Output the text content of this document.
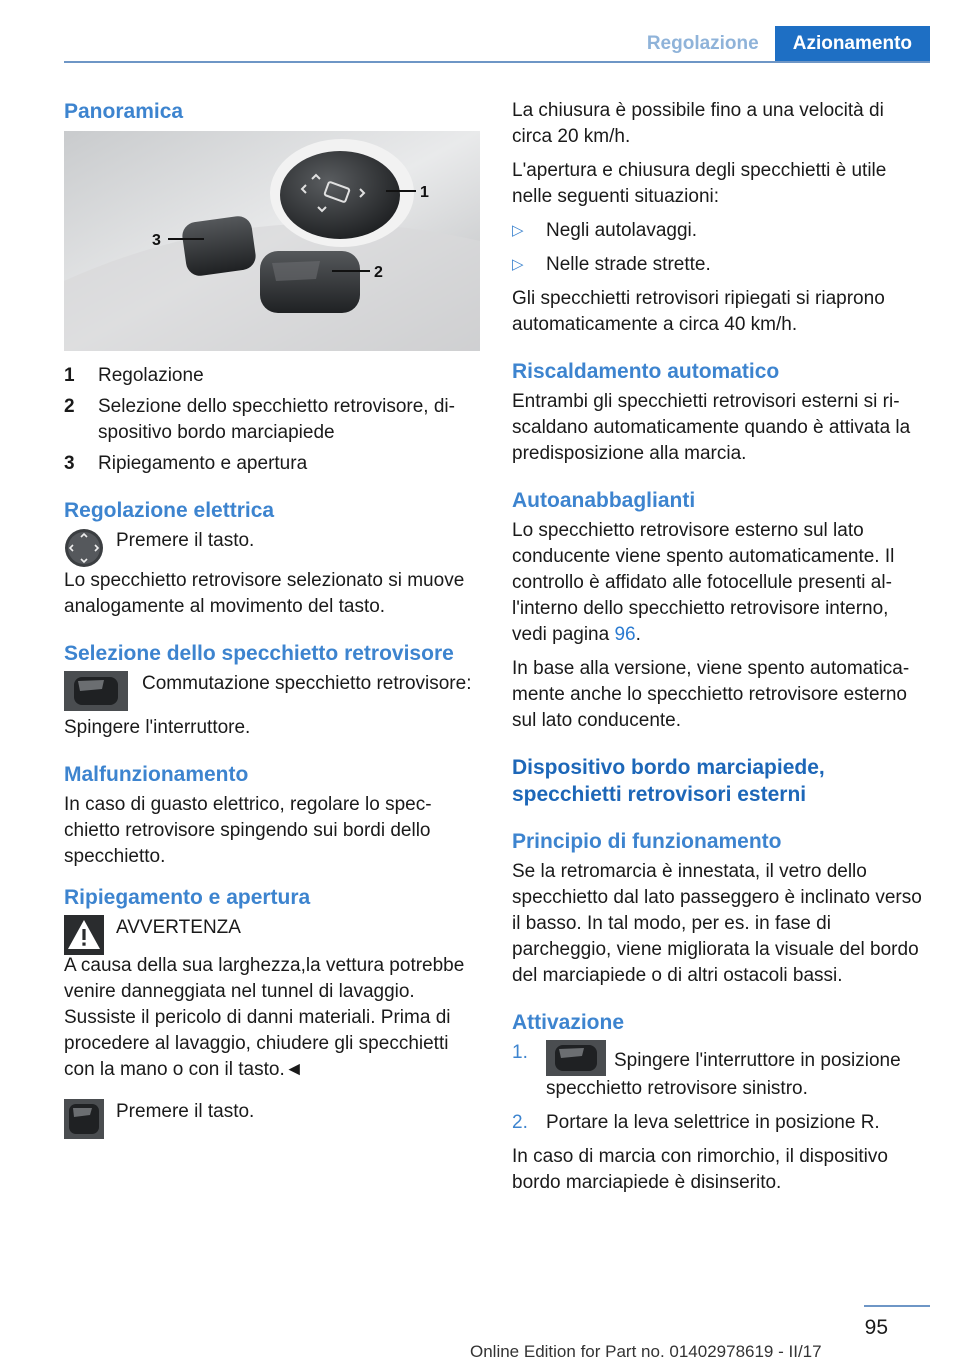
Regolazione	Azionamento
Panoramica
1
2
3
1	Regolazione
2	Selezione dello specchietto retrovisore, dispositivo bordo marciapiede
3	Ripiegamento e apertura
Regolazione elettrica

Premere il tasto.

Lo specchietto retrovisore selezionato si muove analogamente al movimento del tasto.

Selezione dello specchietto retrovisore

Commutazione specchietto retrovisore:

Spingere l'interruttore.

Malfunzionamento

In caso di guasto elettrico, regolare lo specchietto retrovisore spingendo sui bordi dello specchietto.

Ripiegamento e apertura

AVVERTENZA

A causa della sua larghezza,la vettura potrebbe venire danneggiata nel tunnel di lavaggio. Sussiste il pericolo di danni materiali. Prima di procedere al lavaggio, chiudere gli specchietti con la mano o con il tasto.◄

Premere il tasto.

La chiusura è possibile fino a una velocità di circa 20 km/h.

L'apertura e chiusura degli specchietti è utile nelle seguenti situazioni:

▷	Negli autolavaggi.
▷	Nelle strade strette.

Gli specchietti retrovisori ripiegati si riaprono automaticamente a circa 40 km/h.

Riscaldamento automatico

Entrambi gli specchietti retrovisori esterni si riscaldano automaticamente quando è attivata la predisposizione alla marcia.

Autoanabbaglianti

Lo specchietto retrovisore esterno sul lato conducente viene spento automaticamente. Il controllo è affidato alle fotocellule presenti all'interno dello specchietto retrovisore interno, vedi pagina 96.

In base alla versione, viene spento automaticamente anche lo specchietto retrovisore esterno sul lato conducente.

Dispositivo bordo marciapiede, specchietti retrovisori esterni
Principio di funzionamento

Se la retromarcia è innestata, il vetro dello specchietto dal lato passeggero è inclinato verso il basso. In tal modo, per es. in fase di parcheggio, viene migliorata la visuale del bordo del marciapiede o di altri ostacoli bassi.

Attivazione
1.	Spingere l'interruttore in posizione specchietto retrovisore sinistro.
2. Portare la leva selettrice in posizione R.

In caso di marcia con rimorchio, il dispositivo bordo marciapiede è disinserito.

95
Online Edition for Part no. 01402978619 - II/17
